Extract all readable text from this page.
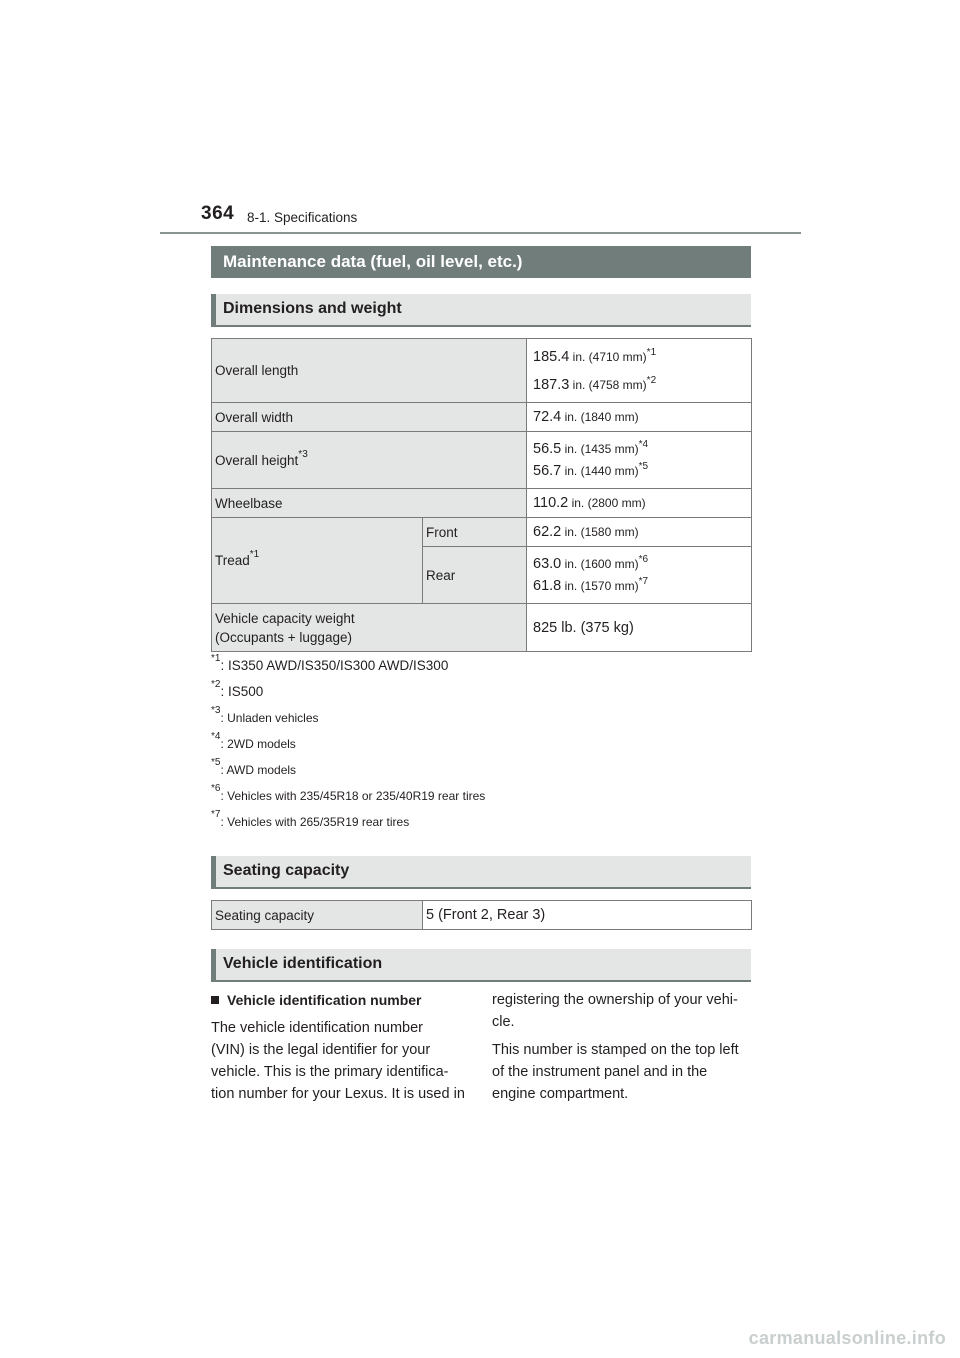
364 8-1. Specifications
Maintenance data (fuel, oil level, etc.)
Dimensions and weight
Overall length		185.4 in. (4710 mm)$^{*1}$
187.3 in. (4758 mm)$^{*2}$

Overall width		72.4 in. (1840 mm)
Overall height$^{*3}$		56.5 in. (1435 mm)$^{*4}$
56.7 in. (1440 mm)$^{*5}$

Wheelbase		110.2 in. (2800 mm)
Tread$^{*1}$	Front	62.2 in. (1580 mm)
	Rear	63.0 in. (1600 mm)$^{*6}$
61.8 in. (1570 mm)$^{*7}$

Vehicle capacity weight
(Occupants + luggage)		825 lb. (375 kg)
$^{*1}$: IS350 AWD/IS350/IS300 AWD/IS300
$^{*2}$: IS500
$^{*3}$: Unladen vehicles
$^{*4}$: 2WD models
$^{*5}$: AWD models
$^{*6}$: Vehicles with 235/45R18 or 235/40R19 rear tires
$^{*7}$: Vehicles with 265/35R19 rear tires
Seating capacity
Seating capacity	5 (Front 2, Rear 3)
Vehicle identification
Vehicle identification number
The vehicle identification number
(VIN) is the legal identifier for your
vehicle. This is the primary identifica-
tion number for your Lexus. It is used in
registering the ownership of your vehi-
cle.
This number is stamped on the top left
of the instrument panel and in the
engine compartment.
carmanualsonline.info
